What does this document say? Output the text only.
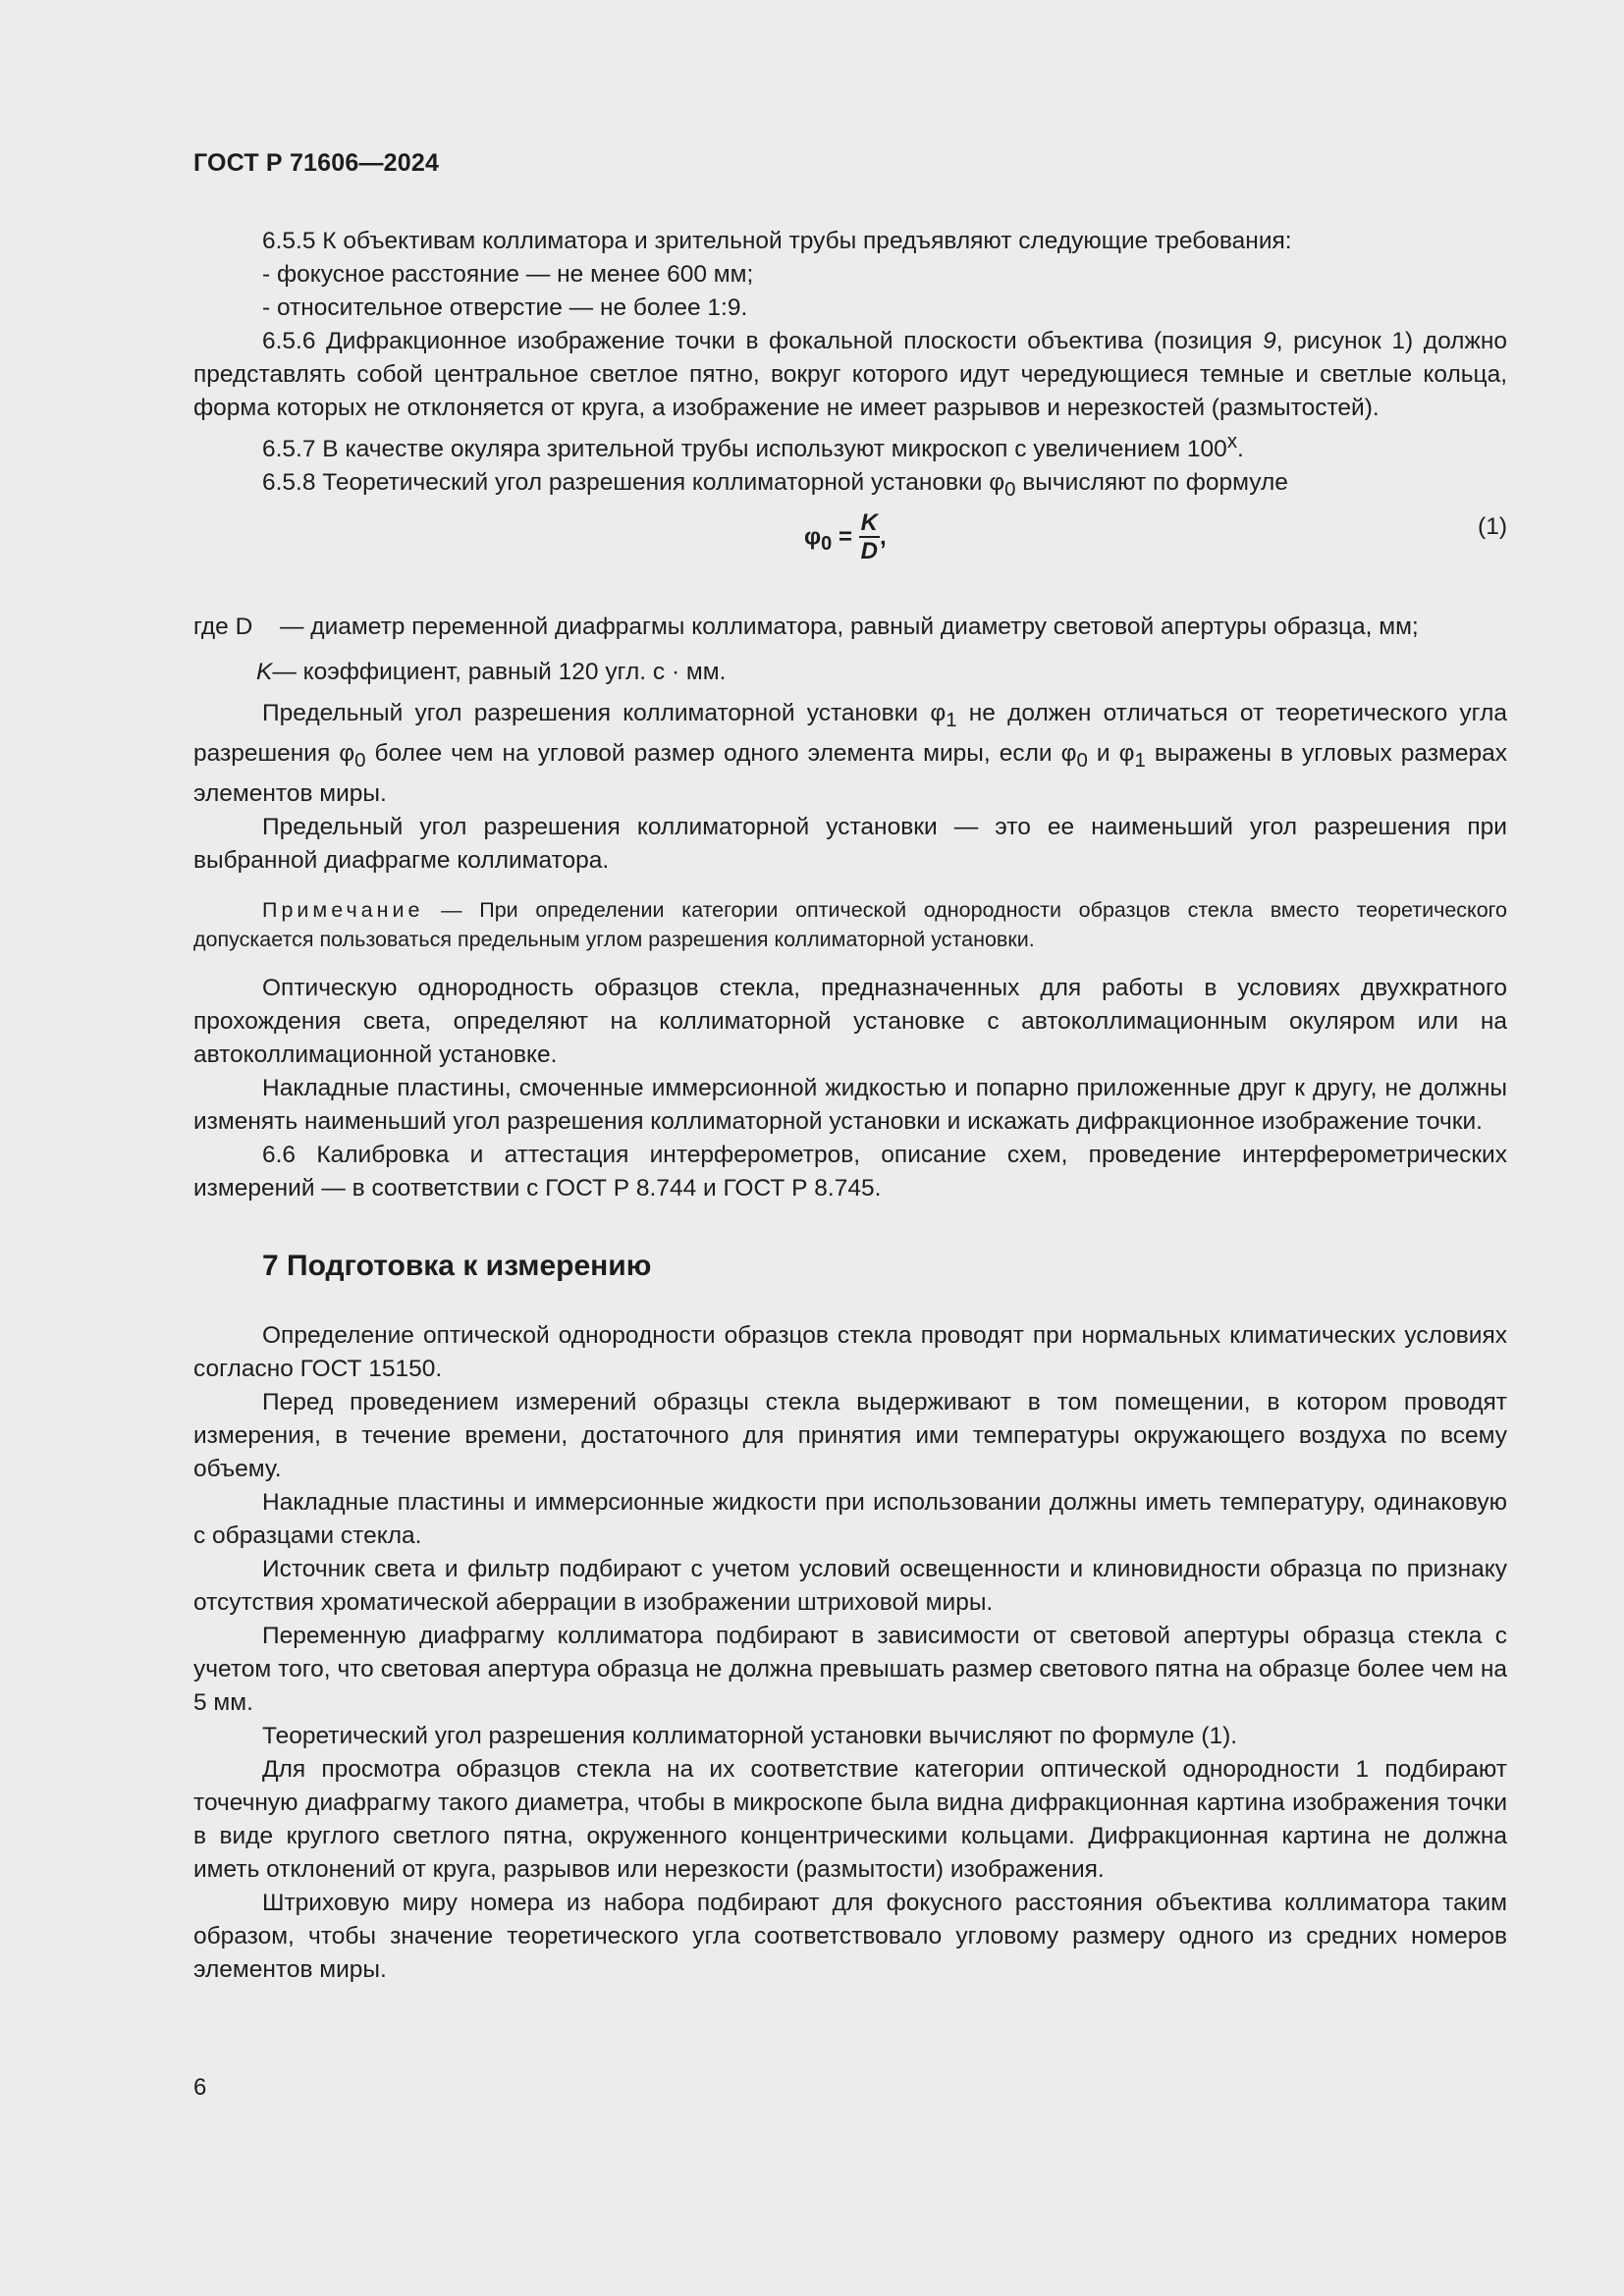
ГОСТ Р 71606—2024

6.5.5 К объективам коллиматора и зрительной трубы предъявляют следующие требования:

- фокусное расстояние — не менее 600 мм;

- относительное отверстие — не более 1:9.

6.5.6 Дифракционное изображение точки в фокальной плоскости объектива (позиция 9, рисунок 1) должно представлять собой центральное светлое пятно, вокруг которого идут чередующиеся темные и светлые кольца, форма которых не отклоняется от круга, а изображение не имеет разрывов и нерезкостей (размытостей).

6.5.7 В качестве окуляра зрительной трубы используют микроскоп с увеличением $100^х$.

6.5.8 Теоретический угол разрешения коллиматорной установки $\varphi_0$ вычисляют по формуле

$\varphi_0 = \frac{K}{D}$ ,	(1)
где D	— диаметр переменной диафрагмы коллиматора, равный диаметру световой апертуры образца, мм;
K — коэффициент, равный 120 угл. с · мм.

Предельный угол разрешения коллиматорной установки $\varphi_1$ не должен отличаться от теоретического угла разрешения $\varphi_0$ более чем на угловой размер одного элемента миры, если $\varphi_0$ и $\varphi_1$ выражены в угловых размерах элементов миры.

Предельный угол разрешения коллиматорной установки — это ее наименьший угол разрешения при выбранной диафрагме коллиматора.

Примечание — При определении категории оптической однородности образцов стекла вместо теоретического допускается пользоваться предельным углом разрешения коллиматорной установки.

Оптическую однородность образцов стекла, предназначенных для работы в условиях двухкратного прохождения света, определяют на коллиматорной установке с автоколлимационным окуляром или на автоколлимационной установке.

Накладные пластины, смоченные иммерсионной жидкостью и попарно приложенные друг к другу, не должны изменять наименьший угол разрешения коллиматорной установки и искажать дифракционное изображение точки.

6.6 Калибровка и аттестация интерферометров, описание схем, проведение интерферометрических измерений — в соответствии с ГОСТ Р 8.744 и ГОСТ Р 8.745.

7 Подготовка к измерению

Определение оптической однородности образцов стекла проводят при нормальных климатических условиях согласно ГОСТ 15150.

Перед проведением измерений образцы стекла выдерживают в том помещении, в котором проводят измерения, в течение времени, достаточного для принятия ими температуры окружающего воздуха по всему объему.

Накладные пластины и иммерсионные жидкости при использовании должны иметь температуру, одинаковую с образцами стекла.

Источник света и фильтр подбирают с учетом условий освещенности и клиновидности образца по признаку отсутствия хроматической аберрации в изображении штриховой миры.

Переменную диафрагму коллиматора подбирают в зависимости от световой апертуры образца стекла с учетом того, что световая апертура образца не должна превышать размер светового пятна на образце более чем на 5 мм.

Теоретический угол разрешения коллиматорной установки вычисляют по формуле (1).

Для просмотра образцов стекла на их соответствие категории оптической однородности 1 подбирают точечную диафрагму такого диаметра, чтобы в микроскопе была видна дифракционная картина изображения точки в виде круглого светлого пятна, окруженного концентрическими кольцами. Дифракционная картина не должна иметь отклонений от круга, разрывов или нерезкости (размытости) изображения.

Штриховую миру номера из набора подбирают для фокусного расстояния объектива коллиматора таким образом, чтобы значение теоретического угла соответствовало угловому размеру одного из средних номеров элементов миры.

6
